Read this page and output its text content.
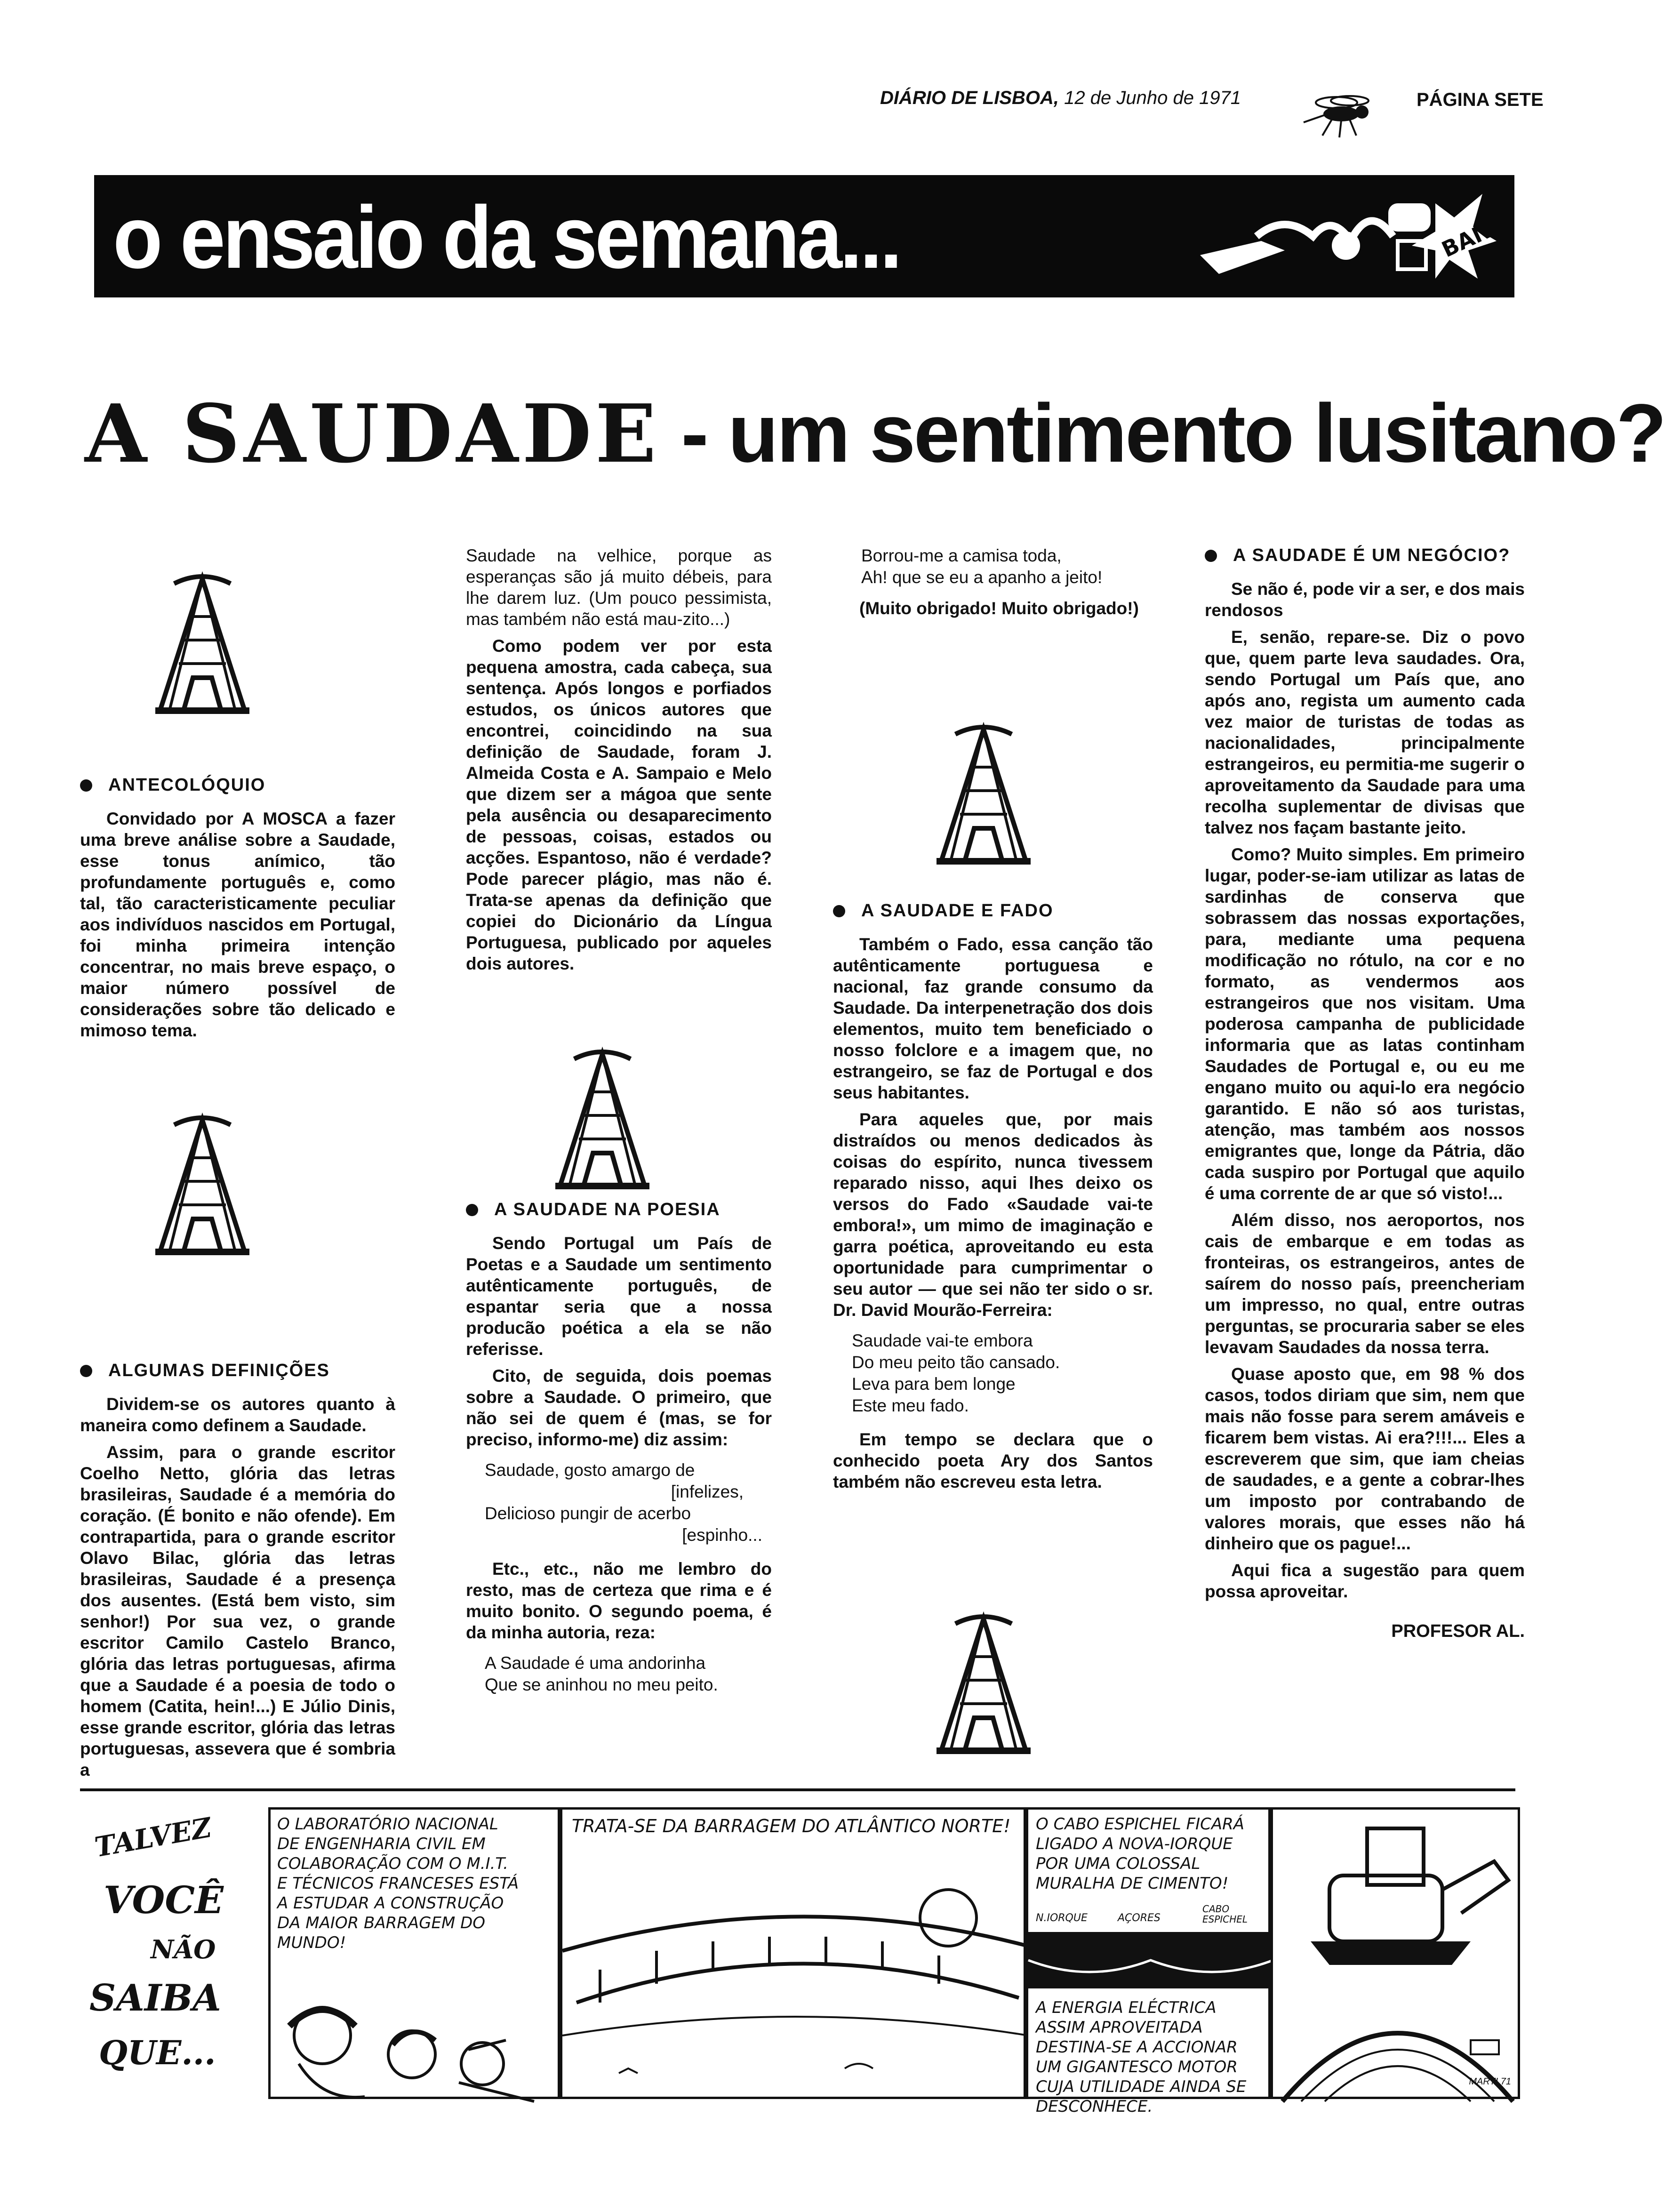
DIÁRIO DE LISBOA, 12 de Junho de 1971	PÁGINA SETE
o ensaio da semana...	BANG
A SAUDADE - um sentimento lusitano?
ANTECOLÓQUIO

Convidado por A MOSCA a fazer uma breve análise sobre a Saudade, esse tonus anímico, tão profundamente português e, como tal, tão caracteristicamente peculiar aos indivíduos nascidos em Portugal, foi minha primeira intenção concentrar, no mais breve espaço, o maior número possível de considerações sobre tão delicado e mimoso tema.

ALGUMAS DEFINIÇÕES

Dividem-se os autores quanto à maneira como definem a Saudade.

Assim, para o grande escritor Coelho Netto, glória das letras brasileiras, Saudade é a memória do coração. (É bonito e não ofende). Em contrapartida, para o grande escritor Olavo Bilac, glória das letras brasileiras, Saudade é a presença dos ausentes. (Está bem visto, sim senhor!) Por sua vez, o grande escritor Camilo Castelo Branco, glória das letras portuguesas, afirma que a Saudade é a poesia de todo o homem (Catita, hein!...) E Júlio Dinis, esse grande escritor, glória das letras portuguesas, assevera que é sombria a

Saudade na velhice, porque as esperanças são já muito débeis, para lhe darem luz. (Um pouco pessimista, mas também não está mau-zito...)

Como podem ver por esta pequena amostra, cada cabeça, sua sentença. Após longos e porfiados estudos, os únicos autores que encontrei, coincidindo na sua definição de Saudade, foram J. Almeida Costa e A. Sampaio e Melo que dizem ser a mágoa que sente pela ausência ou desaparecimento de pessoas, coisas, estados ou acções. Espantoso, não é verdade? Pode parecer plágio, mas não é. Trata-se apenas da definição que copiei do Dicionário da Língua Portuguesa, publicado por aqueles dois autores.

A SAUDADE NA POESIA

Sendo Portugal um País de Poetas e a Saudade um sentimento autênticamente português, de espantar seria que a nossa producão poética a ela se não referisse.

Cito, de seguida, dois poemas sobre a Saudade. O primeiro, que não sei de quem é (mas, se for preciso, informo-me) diz assim:

Saudade, gosto amargo de
[infelizes,
Delicioso pungir de acerbo
[espinho...

Etc., etc., não me lembro do resto, mas de certeza que rima e é muito bonito. O segundo poema, é da minha autoria, reza:

A Saudade é uma andorinha
Que se aninhou no meu peito.
Borrou-me a camisa toda,
Ah! que se eu a apanho a jeito!

(Muito obrigado! Muito obrigado!)

A SAUDADE E FADO

Também o Fado, essa canção tão autênticamente portuguesa e nacional, faz grande consumo da Saudade. Da interpenetração dos dois elementos, muito tem beneficiado o nosso folclore e a imagem que, no estrangeiro, se faz de Portugal e dos seus habitantes.

Para aqueles que, por mais distraídos ou menos dedicados às coisas do espírito, nunca tivessem reparado nisso, aqui lhes deixo os versos do Fado «Saudade vai-te embora!», um mimo de imaginação e garra poética, aproveitando eu esta oportunidade para cumprimentar o seu autor — que sei não ter sido o sr. Dr. David Mourão-Ferreira:

Saudade vai-te embora
Do meu peito tão cansado.
Leva para bem longe
Este meu fado.

Em tempo se declara que o conhecido poeta Ary dos Santos também não escreveu esta letra.

A SAUDADE É UM NEGÓCIO?

Se não é, pode vir a ser, e dos mais rendosos

E, senão, repare-se. Diz o povo que, quem parte leva saudades. Ora, sendo Portugal um País que, ano após ano, regista um aumento cada vez maior de turistas de todas as nacionalidades, principalmente estrangeiros, eu permitia-me sugerir o aproveitamento da Saudade para uma recolha suplementar de divisas que talvez nos façam bastante jeito.

Como? Muito simples. Em primeiro lugar, poder-se-iam utilizar as latas de sardinhas de conserva que sobrassem das nossas exportações, para, mediante uma pequena modificação no rótulo, na cor e no formato, as vendermos aos estrangeiros que nos visitam. Uma poderosa campanha de publicidade informaria que as latas continham Saudades de Portugal e, ou eu me engano muito ou aqui-lo era negócio garantido. E não só aos turistas, atenção, mas também aos nossos emigrantes que, longe da Pátria, dão cada suspiro por Portugal que aquilo é uma corrente de ar que só visto!...

Além disso, nos aeroportos, nos cais de embarque e em todas as fronteiras, os estrangeiros, antes de saírem do nosso país, preencheriam um impresso, no qual, entre outras perguntas, se procuraria saber se eles levavam Saudades da nossa terra.

Quase aposto que, em 98 % dos casos, todos diriam que sim, nem que mais não fosse para serem amáveis e ficarem bem vistas. Ai era?!!!... Eles a escreverem que sim, que iam cheias de saudades, e a gente a cobrar-lhes um imposto por contrabando de valores morais, que esses não há dinheiro que os pague!...

Aqui fica a sugestão para quem possa aproveitar.

PROFESOR AL.
TALVEZ
VOCÊ
NÃO
SAIBA
QUE...
O LABORATÓRIO NACIONAL DE ENGENHARIA CIVIL EM COLABORAÇÃO COM O M.I.T. E TÉCNICOS FRANCESES ESTÁ A ESTUDAR A CONSTRUÇÃO DA MAIOR BARRAGEM DO MUNDO!
TRATA-SE DA BARRAGEM DO ATLÂNTICO NORTE!	O CABO ESPICHEL FICARÁ LIGADO A NOVA-IORQUE POR UMA COLOSSAL MURALHA DE CIMENTO!
N.IORQUE	AÇORES
CABO ESPICHEL
A ENERGIA ELÉCTRICA ASSIM APROVEITADA DESTINA-SE A ACCIONAR UM GIGANTESCO MOTOR CUJA UTILIDADE AINDA SE DESCONHECE.
MARTI 71
